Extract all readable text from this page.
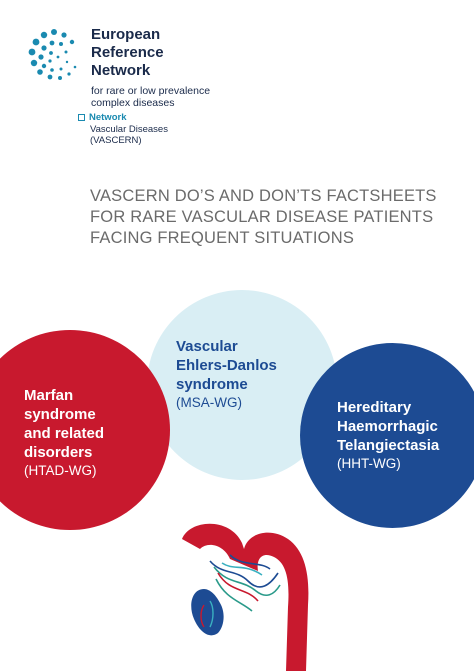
European
Reference
Network
for rare or low prevalence
complex diseases
Network
Vascular Diseases
(VASCERN)
VASCERN DO’S AND DON’TS FACTSHEETS
FOR RARE VASCULAR DISEASE PATIENTS
FACING FREQUENT SITUATIONS
Vascular
Ehlers-Danlos
syndrome
(MSA-WG)
Marfan
syndrome
and related
disorders
(HTAD-WG)
Hereditary
Haemorrhagic
Telangiectasia
(HHT-WG)
